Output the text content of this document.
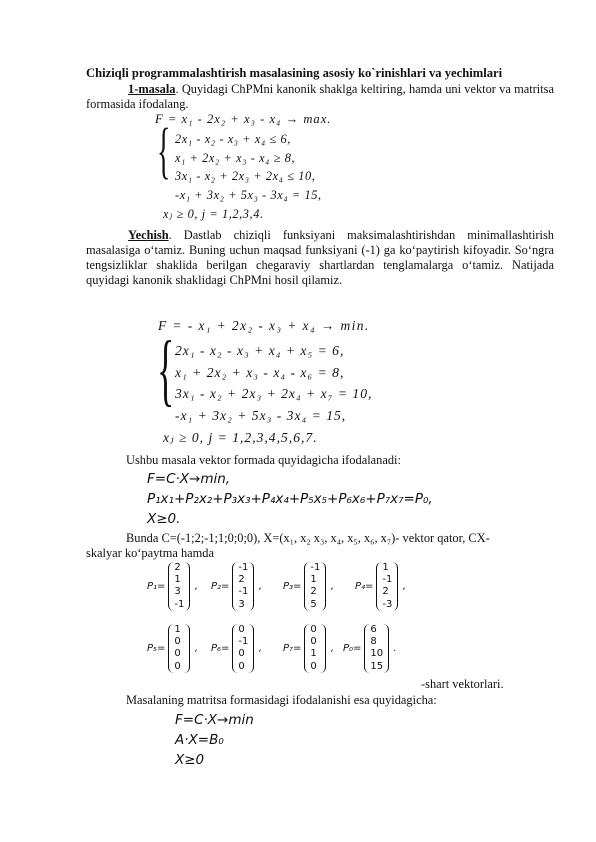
Chiziqli programmalashtirish masalasining asosiy ko`rinishlari va yechimlari
1-masala. Quyidagi ChPMni kanonik shaklga keltiring, hamda uni vektor va matritsa formasida ifodalang.
F = x₁ - 2x₂ + x₃ - x₄ → max.
{ 2x₁ - x₂ - x₃ + x₄ ≤ 6,
x₁ + 2x₂ + x₃ - x₄ ≥ 8,
3x₁ - x₂ + 2x₃ + 2x₄ ≤ 10,
-x₁ + 3x₂ + 5x₃ - 3x₄ = 15,
xⱼ ≥ 0, j = 1,2,3,4.
Yechish. Dastlab chiziqli funksiyani maksimalashtirishdan minimallashtirish masalasiga o‘tamiz. Buning uchun maqsad funksiyani (-1) ga ko‘paytirish kifoyadir. So‘ngra tengsizliklar shaklida berilgan chegaraviy shartlardan tenglamalarga o‘tamiz. Natijada quyidagi kanonik shaklidagi ChPMni hosil qilamiz.
F = - x₁ + 2x₂ - x₃ + x₄ → min.
{ 2x₁ - x₂ - x₃ + x₄ + x₅ = 6,
x₁ + 2x₂ + x₃ - x₄ - x₆ = 8,
3x₁ - x₂ + 2x₃ + 2x₄ + x₇ = 10,
-x₁ + 3x₂ + 5x₃ - 3x₄ = 15,
xⱼ ≥ 0, j = 1,2,3,4,5,6,7.
Ushbu masala vektor formada quyidagicha ifodalanadi:
F=C·X→min,
P₁x₁+P₂x₂+P₃x₃+P₄x₄+P₅x₅+P₆x₆+P₇x₇=P₀,
X≥0.
Bunda C=(-1;2;-1;1;0;0;0), X=(x₁, x₂ x₃, x₄, x₅, x₆, x₇)- vektor qator, CX-
skalyar ko‘paytma hamda
P₁=
2
1
3
-1
, P₂=
-1
2
-1
3
, P₃=
-1
1
2
5
, P₄=
1
-1
2
-3
,
P₅=
1
0
0
0
, P₆=
0
-1
0
0
, P₇=
0
0
1
0
, P₀=
6
8
10
15
.
-shart vektorlari.
Masalaning matritsa formasidagi ifodalanishi esa quyidagicha:
F=C·X→min
A·X=B₀
X≥0
